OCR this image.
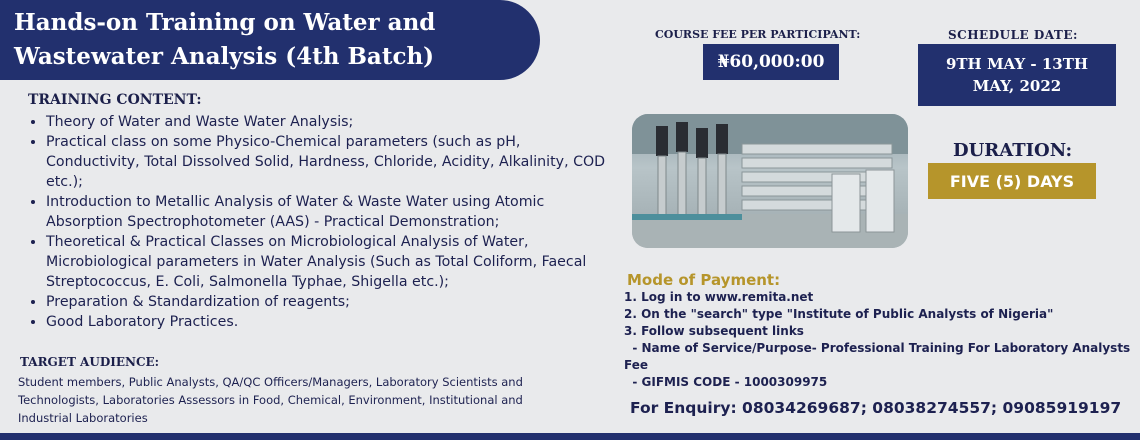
Hands-on Training on Water and Wastewater Analysis (4th Batch)
TRAINING CONTENT:
• Theory of Water and Waste Water Analysis;
• Practical class on some Physico-Chemical parameters (such as pH, Conductivity, Total Dissolved Solid, Hardness, Chloride, Acidity, Alkalinity, COD etc.);
• Introduction to Metallic Analysis of Water & Waste Water using Atomic Absorption Spectrophotometer (AAS) - Practical Demonstration;
• Theoretical & Practical Classes on Microbiological Analysis of Water, Microbiological parameters in Water Analysis (Such as Total Coliform, Faecal Streptococcus, E. Coli, Salmonella Typhae, Shigella etc.);
• Preparation & Standardization of reagents;
• Good Laboratory Practices.
TARGET AUDIENCE:

Student members, Public Analysts, QA/QC Officers/Managers, Laboratory Scientists and Technologists, Laboratories Assessors in Food, Chemical, Environment, Institutional and Industrial Laboratories

COURSE FEE PER PARTICIPANT:
₦60,000:00
SCHEDULE DATE:
9TH MAY - 13TH MAY, 2022
DURATION:
FIVE (5) DAYS
Mode of Payment:
1. Log in to www.remita.net
2. On the "search" type "Institute of Public Analysts of Nigeria"
3. Follow subsequent links
- Name of Service/Purpose- Professional Training For Laboratory Analysts
Fee
- GIFMIS CODE - 1000309975
For Enquiry: 08034269687; 08038274557; 09085919197
